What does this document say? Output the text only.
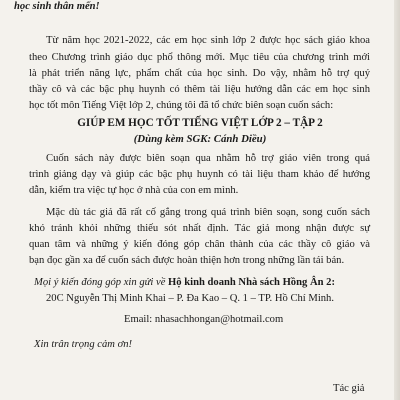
học sinh thân mến!
Từ năm học 2021-2022, các em học sinh lớp 2 được học sách giáo khoa
theo Chương trình giáo dục phổ thông mới. Mục tiêu của chương trình mới
là phát triển năng lực, phẩm chất của học sinh. Do vậy, nhằm hỗ trợ quý
thầy cô và các bậc phụ huynh có thêm tài liệu hướng dẫn các em học sinh
học tốt môn Tiếng Việt lớp 2, chúng tôi đã tổ chức biên soạn cuốn sách:
GIÚP EM HỌC TỐT TIẾNG VIỆT LỚP 2 – TẬP 2
(Dùng kèm SGK: Cánh Diều)
Cuốn sách này được biên soạn qua nhằm hỗ trợ giáo viên trong quá
trình giảng dạy và giúp các bậc phụ huynh có tài liệu tham khảo để hướng
dẫn, kiểm tra việc tự học ở nhà của con em mình.
Mặc dù tác giả đã rất cố gắng trong quá trình biên soạn, song cuốn sách
khó tránh khỏi những thiếu sót nhất định. Tác giả mong nhận được sự
quan tâm và những ý kiến đóng góp chân thành của các thầy cô giáo và
bạn đọc gần xa để cuốn sách được hoàn thiện hơn trong những lần tái bản.
Mọi ý kiến đóng góp xin gửi về Hộ kinh doanh Nhà sách Hồng Ân 2:
20C Nguyễn Thị Minh Khai – P. Đa Kao – Q. 1 – TP. Hồ Chí Minh.
Email: nhasachhongan@hotmail.com
Xin trân trọng cảm ơn!
Tác giả
